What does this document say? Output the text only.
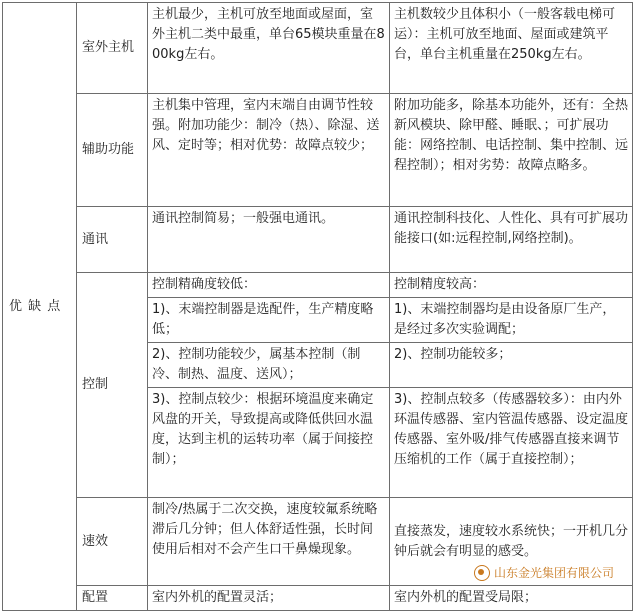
优 缺 点	室外主机	主机最少，主机可放至地面或屋面，室外主机二类中最重，单台65模块重量在800kg左右。	主机数较少且体积小（一般客载电梯可运）：主机可放至地面、屋面或建筑平台，单台主机重量在250kg左右。
	辅助功能	主机集中管理，室内末端自由调节性较强。附加功能少：制冷（热）、除湿、送风、定时等；相对优势：故障点较少；	附加功能多，除基本功能外，还有：全热新风模块、除甲醛、睡眠、；可扩展功能：网络控制、电话控制、集中控制、远程控制）；相对劣势：故障点略多。
	通讯	通讯控制简易；一般强电通讯。	通讯控制科技化、人性化、具有可扩展功能接口(如:远程控制,网络控制)。
	控制	控制精确度较低：	控制精度较高：
		1)、末端控制器是选配件，生产精度略低；	1)、末端控制器均是由设备原厂生产，是经过多次实验调配；
		2)、控制功能较少，属基本控制（制冷、制热、温度、送风）；	2)、控制功能较多；
		3)、控制点较少：根据环境温度来确定风盘的开关，导致提高或降低供回水温度，达到主机的运转功率（属于间接控制）；	3)、控制点较多（传感器较多）：由内外环温传感器、室内管温传感器、设定温度传感器、室外吸/排气传感器直接来调节压缩机的工作（属于直接控制）；
	速效	制冷/热属于二次交换，速度较氟系统略滞后几分钟；但人体舒适性强，长时间使用后相对不会产生口干鼻燥现象。	直接蒸发，速度较水系统快；一开机几分钟后就会有明显的感受。
	配置	室内外机的配置灵活；	室内外机的配置受局限；
山东金光集团有限公司
